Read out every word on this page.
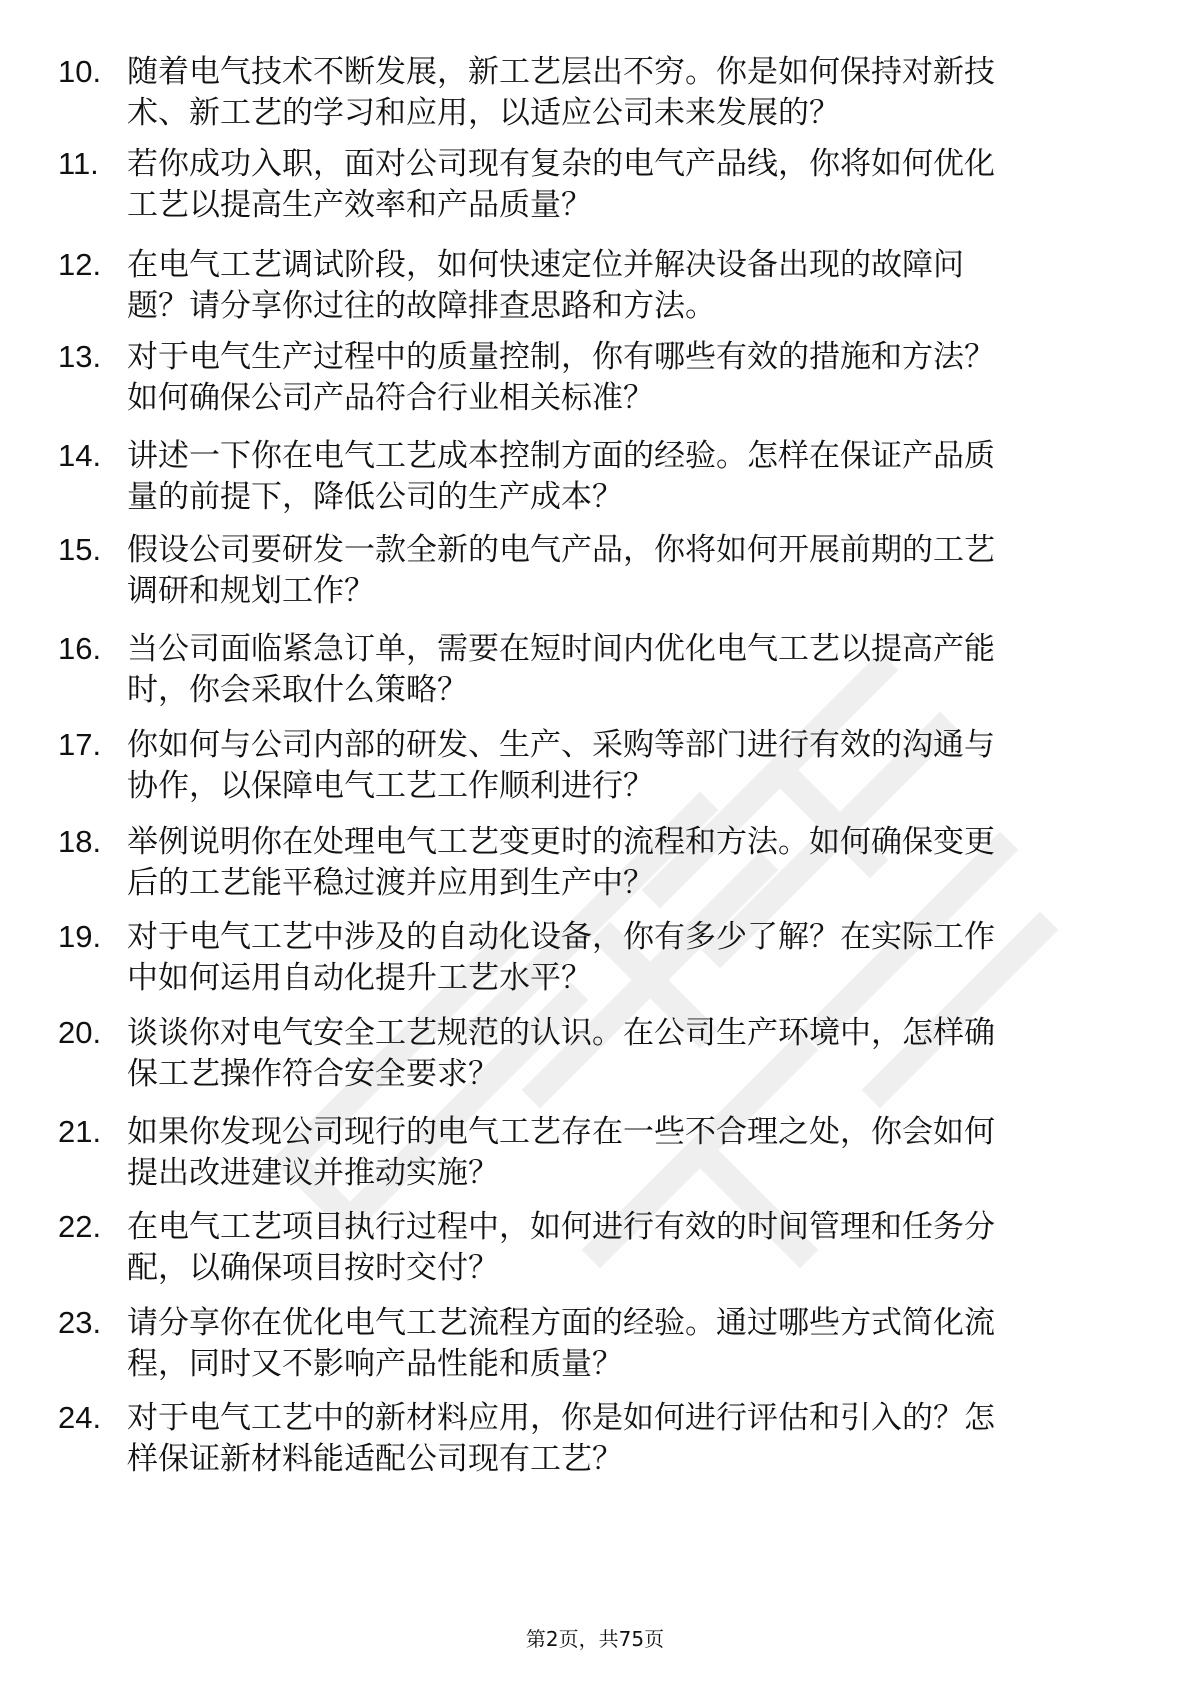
10. 随着电气技术不断发展，新工艺层出不穷。你是如何保持对新技
术、新工艺的学习和应用，以适应公司未来发展的？
11. 若你成功入职，面对公司现有复杂的电气产品线，你将如何优化
工艺以提高生产效率和产品质量？
12. 在电气工艺调试阶段，如何快速定位并解决设备出现的故障问
题？请分享你过往的故障排查思路和方法。
13. 对于电气生产过程中的质量控制，你有哪些有效的措施和方法？
如何确保公司产品符合行业相关标准？
14. 讲述一下你在电气工艺成本控制方面的经验。怎样在保证产品质
量的前提下，降低公司的生产成本？
15. 假设公司要研发一款全新的电气产品，你将如何开展前期的工艺
调研和规划工作？
16. 当公司面临紧急订单，需要在短时间内优化电气工艺以提高产能
时，你会采取什么策略？
17. 你如何与公司内部的研发、生产、采购等部门进行有效的沟通与
协作，以保障电气工艺工作顺利进行？
18. 举例说明你在处理电气工艺变更时的流程和方法。如何确保变更
后的工艺能平稳过渡并应用到生产中？
19. 对于电气工艺中涉及的自动化设备，你有多少了解？在实际工作
中如何运用自动化提升工艺水平？
20. 谈谈你对电气安全工艺规范的认识。在公司生产环境中，怎样确
保工艺操作符合安全要求？
21. 如果你发现公司现行的电气工艺存在一些不合理之处，你会如何
提出改进建议并推动实施？
22. 在电气工艺项目执行过程中，如何进行有效的时间管理和任务分
配，以确保项目按时交付？
23. 请分享你在优化电气工艺流程方面的经验。通过哪些方式简化流
程，同时又不影响产品性能和质量？
24. 对于电气工艺中的新材料应用，你是如何进行评估和引入的？怎
样保证新材料能适配公司现有工艺？
第2页，共75页
